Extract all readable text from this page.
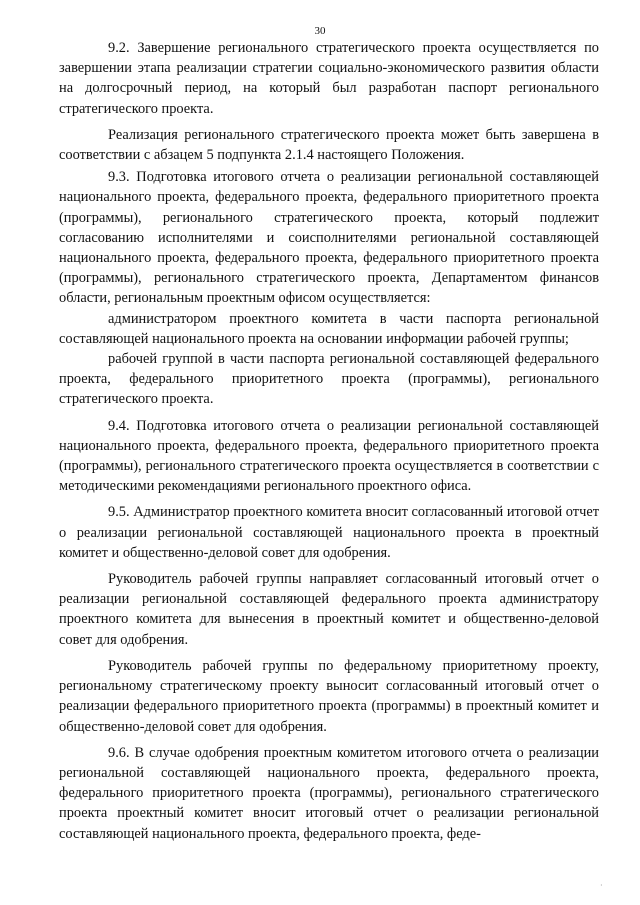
30

9.2. Завершение регионального стратегического проекта осуществляется по завершении этапа реализации стратегии социально-экономического развития области на долгосрочный период, на который был разработан паспорт регионального стратегического проекта.

Реализация регионального стратегического проекта может быть завершена в соответствии с абзацем 5 подпункта 2.1.4 настоящего Положения.

9.3. Подготовка итогового отчета о реализации региональной составляющей национального проекта, федерального проекта, федерального приоритетного проекта (программы), регионального стратегического проекта, который подлежит согласованию исполнителями и соисполнителями региональной составляющей национального проекта, федерального проекта, федерального приоритетного проекта (программы), регионального стратегического проекта, Департаментом финансов области, региональным проектным офисом осуществляется:

администратором проектного комитета в части паспорта региональной составляющей национального проекта на основании информации рабочей группы;

рабочей группой в части паспорта региональной составляющей федерального проекта, федерального приоритетного проекта (программы), регионального стратегического проекта.

9.4. Подготовка итогового отчета о реализации региональной составляющей национального проекта, федерального проекта, федерального приоритетного проекта (программы), регионального стратегического проекта осуществляется в соответствии с методическими рекомендациями регионального проектного офиса.

9.5. Администратор проектного комитета вносит согласованный итоговой отчет о реализации региональной составляющей национального проекта в проектный комитет и общественно-деловой совет для одобрения.

Руководитель рабочей группы направляет согласованный итоговый отчет о реализации региональной составляющей федерального проекта администратору проектного комитета для вынесения в проектный комитет и общественно-деловой совет для одобрения.

Руководитель рабочей группы по федеральному приоритетному проекту, региональному стратегическому проекту выносит согласованный итоговый отчет о реализации федерального приоритетного проекта (программы) в проектный комитет и общественно-деловой совет для одобрения.

9.6. В случае одобрения проектным комитетом итогового отчета о реализации региональной составляющей национального проекта, федерального проекта, федерального приоритетного проекта (программы), регионального стратегического проекта проектный комитет вносит итоговый отчет о реализации региональной составляющей национального проекта, федерального проекта, феде-

·
